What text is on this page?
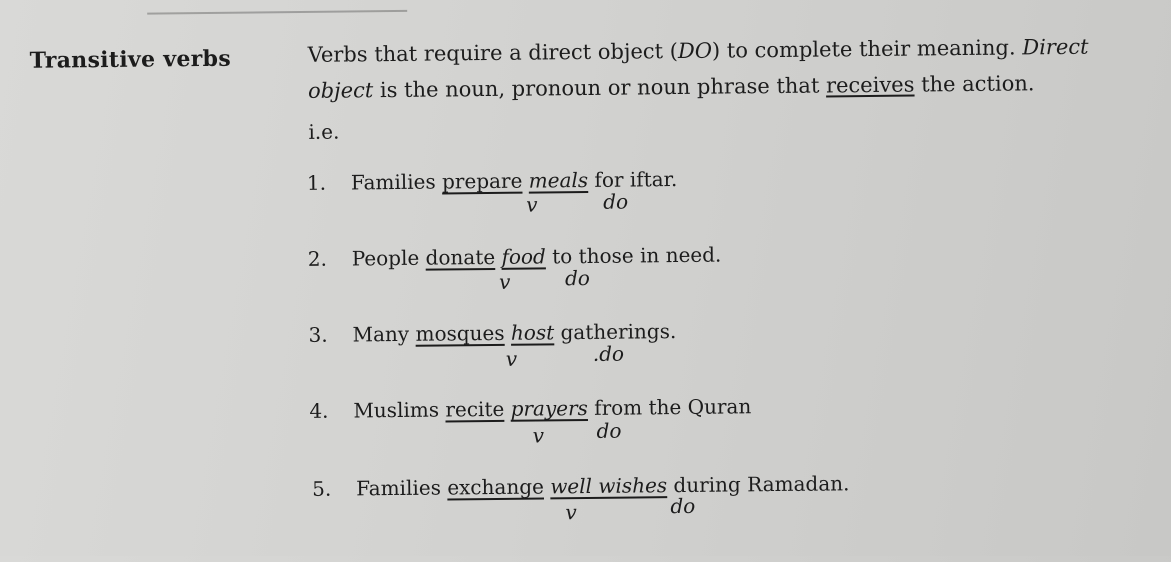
Transitive verbs	Verbs that require a direct object (DO) to complete their meaning. Direct object is the noun, pronoun or noun phrase that receives the action.
i.e.
1. Families prepare meals for iftar.
v	do
2. People donate food to those in need.
v	do
3. Many mosques host gatherings.
v	.do
4. Muslims recite prayers from the Quran
v	do
5. Families exchange well wishes during Ramadan.
v	do
